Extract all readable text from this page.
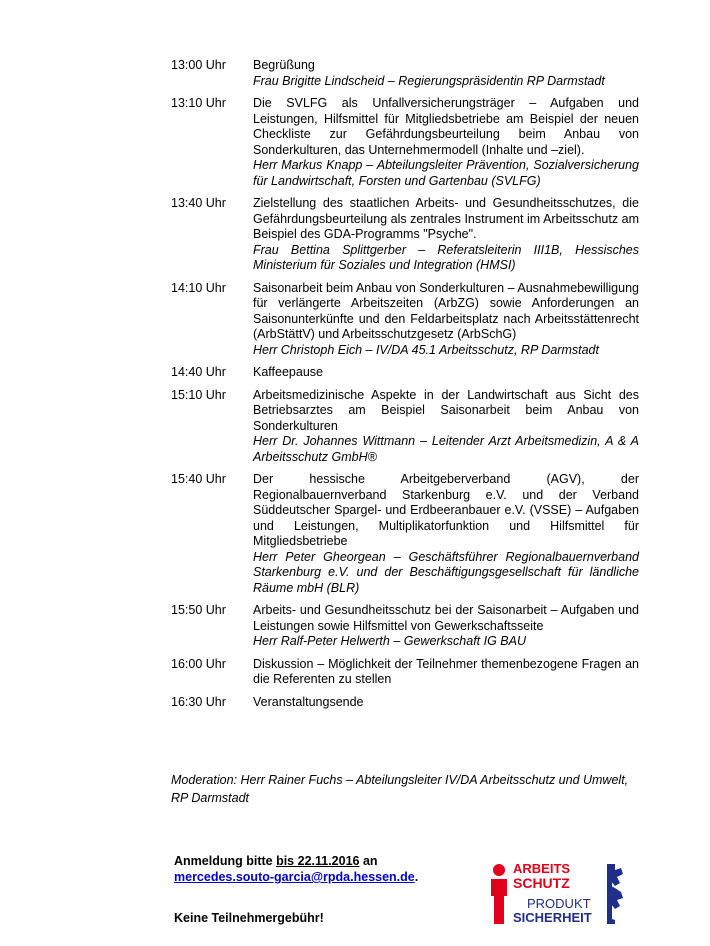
13:00 Uhr	Begrüßung
Frau Brigitte Lindscheid – Regierungspräsidentin RP Darmstadt
13:10 Uhr	Die SVLFG als Unfallversicherungsträger – Aufgaben und Leistungen, Hilfsmittel für Mitgliedsbetriebe am Beispiel der neuen Checkliste zur Gefährdungsbeurteilung beim Anbau von Sonderkulturen, das Unternehmermodell (Inhalte und –ziel).
Herr Markus Knapp – Abteilungsleiter Prävention, Sozialversicherung für Landwirtschaft, Forsten und Gartenbau (SVLFG)
13:40 Uhr	Zielstellung des staatlichen Arbeits- und Gesundheitsschutzes, die Gefährdungsbeurteilung als zentrales Instrument im Arbeitsschutz am Beispiel des GDA-Programms "Psyche".
Frau Bettina Splittgerber – Referatsleiterin III1B, Hessisches Ministerium für Soziales und Integration (HMSI)
14:10 Uhr	Saisonarbeit beim Anbau von Sonderkulturen – Ausnahmebewilligung für verlängerte Arbeitszeiten (ArbZG) sowie Anforderungen an Saisonunterkünfte und den Feldarbeitsplatz nach Arbeitsstättenrecht (ArbStättV) und Arbeitsschutzgesetz (ArbSchG)
Herr Christoph Eich – IV/DA 45.1 Arbeitsschutz, RP Darmstadt
14:40 Uhr	Kaffeepause
15:10 Uhr	Arbeitsmedizinische Aspekte in der Landwirtschaft aus Sicht des Betriebsarztes am Beispiel Saisonarbeit beim Anbau von Sonderkulturen
Herr Dr. Johannes Wittmann – Leitender Arzt Arbeitsmedizin, A & A Arbeitsschutz GmbH®
15:40 Uhr	Der hessische Arbeitgeberverband (AGV), der Regionalbauernverband Starkenburg e.V. und der Verband Süddeutscher Spargel- und Erdbeeranbauer e.V. (VSSE) – Aufgaben und Leistungen, Multiplikatorfunktion und Hilfsmittel für Mitgliedsbetriebe
Herr Peter Gheorgean – Geschäftsführer Regionalbauernverband Starkenburg e.V. und der Beschäftigungsgesellschaft für ländliche Räume mbH (BLR)
15:50 Uhr	Arbeits- und Gesundheitsschutz bei der Saisonarbeit – Aufgaben und Leistungen sowie Hilfsmittel von Gewerkschaftsseite
Herr Ralf-Peter Helwerth – Gewerkschaft IG BAU
16:00 Uhr	Diskussion – Möglichkeit der Teilnehmer themenbezogene Fragen an die Referenten zu stellen
16:30 Uhr	Veranstaltungsende
Moderation: Herr Rainer Fuchs – Abteilungsleiter IV/DA Arbeitsschutz und Umwelt, RP Darmstadt
Anmeldung bitte bis 22.11.2016 an
mercedes.souto-garcia@rpda.hessen.de.
Keine Teilnehmergebühr!
ARBEITS
SCHUTZ
PRODUKT
SICHERHEIT
